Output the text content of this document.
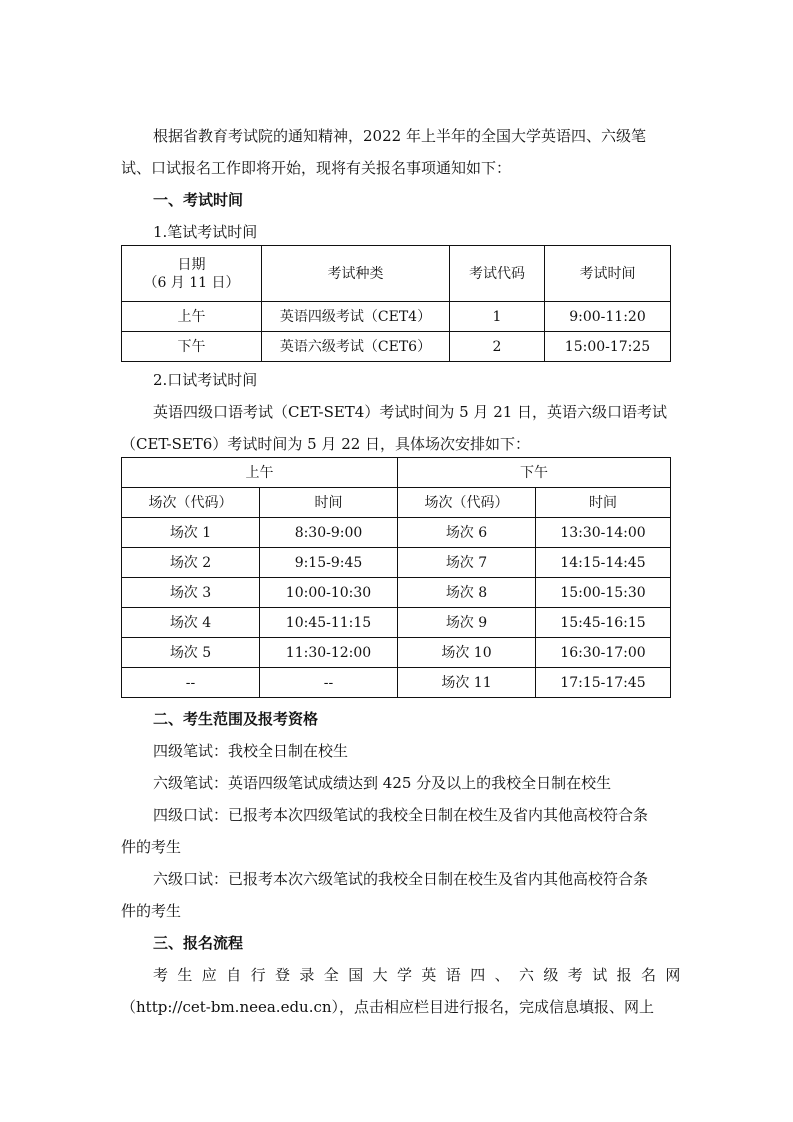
根据省教育考试院的通知精神，2022 年上半年的全国大学英语四、六级笔
试、口试报名工作即将开始，现将有关报名事项通知如下：
一、考试时间
1.笔试考试时间
日期
（6 月 11 日）	考试种类	考试代码	考试时间
上午	英语四级考试（CET4）	1	9:00-11:20
下午	英语六级考试（CET6）	2	15:00-17:25
2.口试考试时间
英语四级口语考试（CET-SET4）考试时间为 5 月 21 日，英语六级口语考试
（CET-SET6）考试时间为 5 月 22 日，具体场次安排如下：
上午		下午	
场次（代码）	时间	场次（代码）	时间
场次 1	8:30-9:00	场次 6	13:30-14:00
场次 2	9:15-9:45	场次 7	14:15-14:45
场次 3	10:00-10:30	场次 8	15:00-15:30
场次 4	10:45-11:15	场次 9	15:45-16:15
场次 5	11:30-12:00	场次 10	16:30-17:00
--	--	场次 11	17:15-17:45
二、考生范围及报考资格
四级笔试：我校全日制在校生
六级笔试：英语四级笔试成绩达到 425 分及以上的我校全日制在校生
四级口试：已报考本次四级笔试的我校全日制在校生及省内其他高校符合条
件的考生
六级口试：已报考本次六级笔试的我校全日制在校生及省内其他高校符合条
件的考生
三、报名流程
考生应自行登录全国大学英语四、六级考试报名网
（http://cet-bm.neea.edu.cn），点击相应栏目进行报名，完成信息填报、网上
